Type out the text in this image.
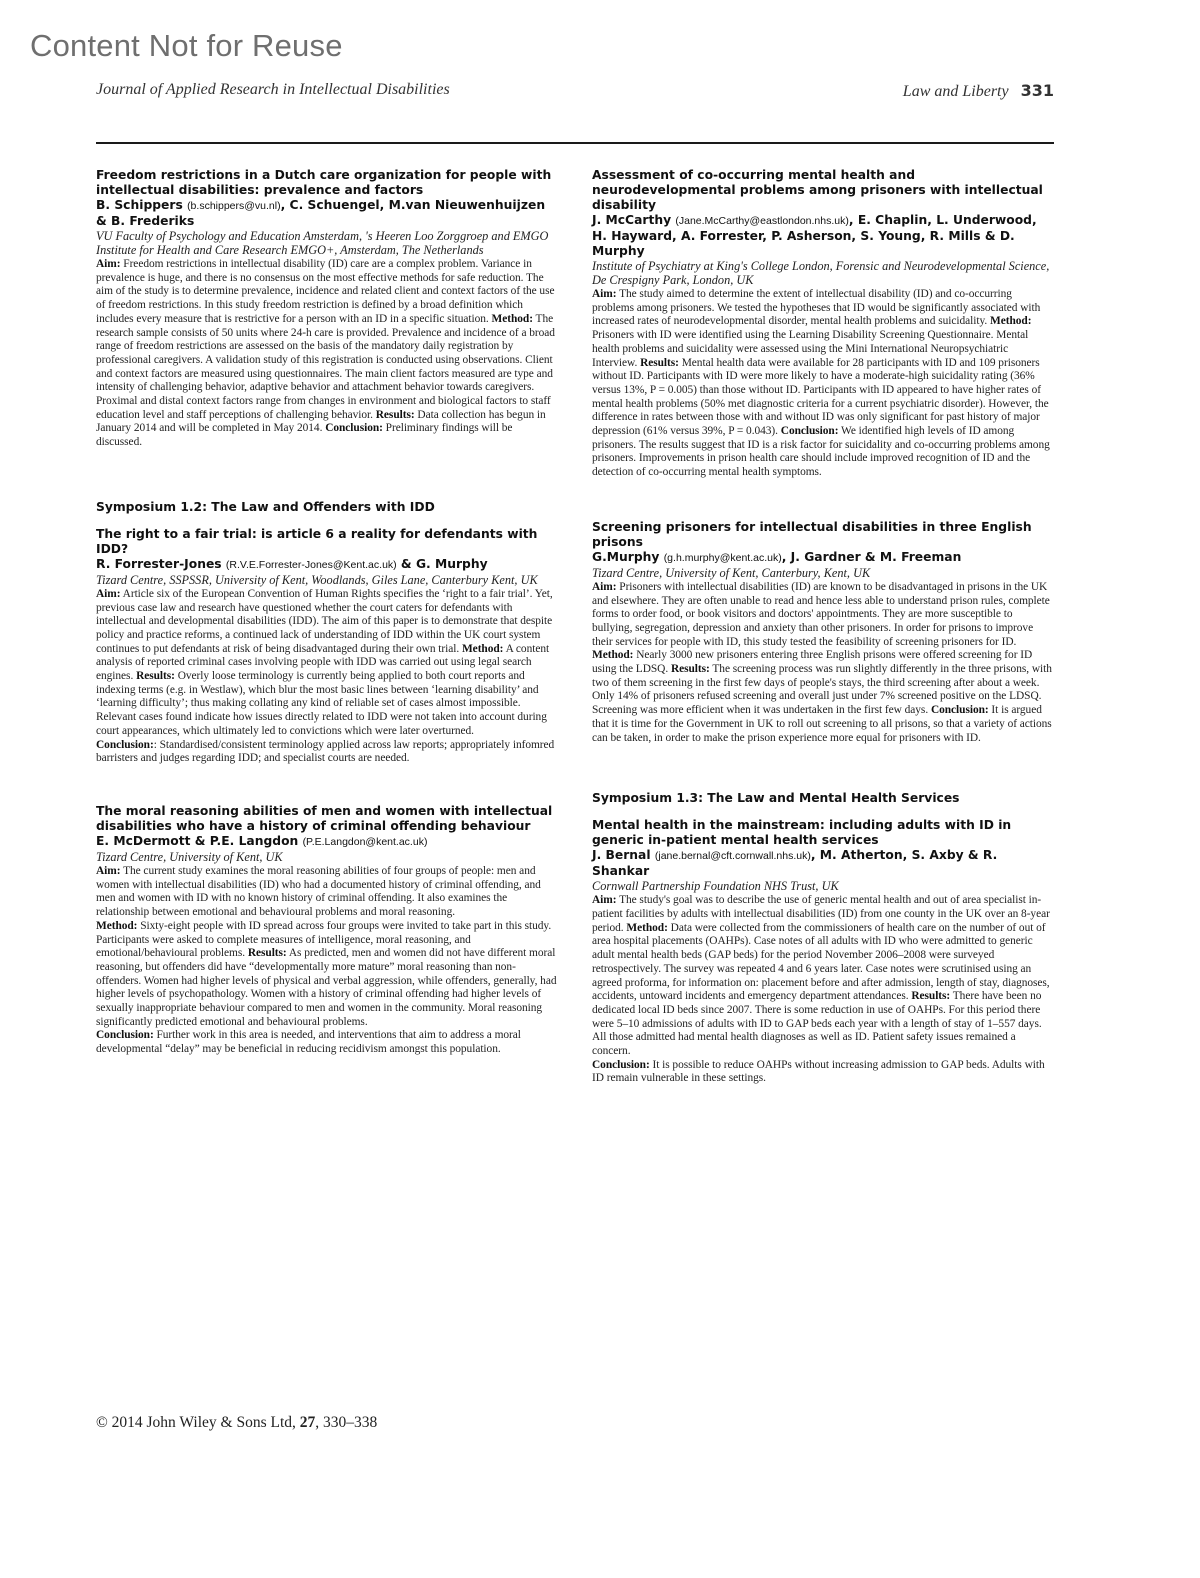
Content Not for Reuse
Journal of Applied Research in Intellectual Disabilities	Law and Liberty 331
Freedom restrictions in a Dutch care organization for people with intellectual disabilities: prevalence and factors
B. Schippers (b.schippers@vu.nl), C. Schuengel, M.van Nieuwenhuijzen & B. Frederiks
VU Faculty of Psychology and Education Amsterdam, 's Heeren Loo Zorggroep and EMGO Institute for Health and Care Research EMGO+, Amsterdam, The Netherlands

Aim: Freedom restrictions in intellectual disability (ID) care are a complex problem. Variance in prevalence is huge, and there is no consensus on the most effective methods for safe reduction. The aim of the study is to determine prevalence, incidence and related client and context factors of the use of freedom restrictions. In this study freedom restriction is defined by a broad definition which includes every measure that is restrictive for a person with an ID in a specific situation. Method: The research sample consists of 50 units where 24-h care is provided. Prevalence and incidence of a broad range of freedom restrictions are assessed on the basis of the mandatory daily registration by professional caregivers. A validation study of this registration is conducted using observations. Client and context factors are measured using questionnaires. The main client factors measured are type and intensity of challenging behavior, adaptive behavior and attachment behavior towards caregivers. Proximal and distal context factors range from changes in environment and biological factors to staff education level and staff perceptions of challenging behavior. Results: Data collection has begun in January 2014 and will be completed in May 2014. Conclusion: Preliminary findings will be discussed.

Symposium 1.2: The Law and Offenders with IDD
The right to a fair trial: is article 6 a reality for defendants with IDD?
R. Forrester-Jones (R.V.E.Forrester-Jones@Kent.ac.uk) & G. Murphy
Tizard Centre, SSPSSR, University of Kent, Woodlands, Giles Lane, Canterbury Kent, UK

Aim: Article six of the European Convention of Human Rights specifies the ‘right to a fair trial’. Yet, previous case law and research have questioned whether the court caters for defendants with intellectual and developmental disabilities (IDD). The aim of this paper is to demonstrate that despite policy and practice reforms, a continued lack of understanding of IDD within the UK court system continues to put defendants at risk of being disadvantaged during their own trial. Method: A content analysis of reported criminal cases involving people with IDD was carried out using legal search engines. Results: Overly loose terminology is currently being applied to both court reports and indexing terms (e.g. in Westlaw), which blur the most basic lines between ‘learning disability’ and ‘learning difficulty’; thus making collating any kind of reliable set of cases almost impossible. Relevant cases found indicate how issues directly related to IDD were not taken into account during court appearances, which ultimately led to convictions which were later overturned.
Conclusion:: Standardised/consistent terminology applied across law reports; appropriately infomred barristers and judges regarding IDD; and specialist courts are needed.

The moral reasoning abilities of men and women with intellectual disabilities who have a history of criminal offending behaviour
E. McDermott & P.E. Langdon (P.E.Langdon@kent.ac.uk)
Tizard Centre, University of Kent, UK

Aim: The current study examines the moral reasoning abilities of four groups of people: men and women with intellectual disabilities (ID) who had a documented history of criminal offending, and men and women with ID with no known history of criminal offending. It also examines the relationship between emotional and behavioural problems and moral reasoning.
Method: Sixty-eight people with ID spread across four groups were invited to take part in this study. Participants were asked to complete measures of intelligence, moral reasoning, and emotional/behavioural problems. Results: As predicted, men and women did not have different moral reasoning, but offenders did have “developmentally more mature” moral reasoning than non-offenders. Women had higher levels of physical and verbal aggression, while offenders, generally, had higher levels of psychopathology. Women with a history of criminal offending had higher levels of sexually inappropriate behaviour compared to men and women in the community. Moral reasoning significantly predicted emotional and behavioural problems.
Conclusion: Further work in this area is needed, and interventions that aim to address a moral developmental “delay” may be beneficial in reducing recidivism amongst this population.

Assessment of co-occurring mental health and neurodevelopmental problems among prisoners with intellectual disability
J. McCarthy (Jane.McCarthy@eastlondon.nhs.uk), E. Chaplin, L. Underwood, H. Hayward, A. Forrester, P. Asherson, S. Young, R. Mills & D. Murphy
Institute of Psychiatry at King's College London, Forensic and Neurodevelopmental Science, De Crespigny Park, London, UK

Aim: The study aimed to determine the extent of intellectual disability (ID) and co-occurring problems among prisoners. We tested the hypotheses that ID would be significantly associated with increased rates of neurodevelopmental disorder, mental health problems and suicidality. Method: Prisoners with ID were identified using the Learning Disability Screening Questionnaire. Mental health problems and suicidality were assessed using the Mini International Neuropsychiatric Interview. Results: Mental health data were available for 28 participants with ID and 109 prisoners without ID. Participants with ID were more likely to have a moderate-high suicidality rating (36% versus 13%, P = 0.005) than those without ID. Participants with ID appeared to have higher rates of mental health problems (50% met diagnostic criteria for a current psychiatric disorder). However, the difference in rates between those with and without ID was only significant for past history of major depression (61% versus 39%, P = 0.043). Conclusion: We identified high levels of ID among prisoners. The results suggest that ID is a risk factor for suicidality and co-occurring problems among prisoners. Improvements in prison health care should include improved recognition of ID and the detection of co-occurring mental health symptoms.

Screening prisoners for intellectual disabilities in three English prisons
G.Murphy (g.h.murphy@kent.ac.uk), J. Gardner & M. Freeman
Tizard Centre, University of Kent, Canterbury, Kent, UK

Aim: Prisoners with intellectual disabilities (ID) are known to be disadvantaged in prisons in the UK and elsewhere. They are often unable to read and hence less able to understand prison rules, complete forms to order food, or book visitors and doctors' appointments. They are more susceptible to bullying, segregation, depression and anxiety than other prisoners. In order for prisons to improve their services for people with ID, this study tested the feasibility of screening prisoners for ID. Method: Nearly 3000 new prisoners entering three English prisons were offered screening for ID using the LDSQ. Results: The screening process was run slightly differently in the three prisons, with two of them screening in the first few days of people's stays, the third screening after about a week. Only 14% of prisoners refused screening and overall just under 7% screened positive on the LDSQ. Screening was more efficient when it was undertaken in the first few days. Conclusion: It is argued that it is time for the Government in UK to roll out screening to all prisons, so that a variety of actions can be taken, in order to make the prison experience more equal for prisoners with ID.

Symposium 1.3: The Law and Mental Health Services
Mental health in the mainstream: including adults with ID in generic in-patient mental health services
J. Bernal (jane.bernal@cft.cornwall.nhs.uk), M. Atherton, S. Axby & R. Shankar
Cornwall Partnership Foundation NHS Trust, UK

Aim: The study's goal was to describe the use of generic mental health and out of area specialist in-patient facilities by adults with intellectual disabilities (ID) from one county in the UK over an 8-year period. Method: Data were collected from the commissioners of health care on the number of out of area hospital placements (OAHPs). Case notes of all adults with ID who were admitted to generic adult mental health beds (GAP beds) for the period November 2006–2008 were surveyed retrospectively. The survey was repeated 4 and 6 years later. Case notes were scrutinised using an agreed proforma, for information on: placement before and after admission, length of stay, diagnoses, accidents, untoward incidents and emergency department attendances. Results: There have been no dedicated local ID beds since 2007. There is some reduction in use of OAHPs. For this period there were 5–10 admissions of adults with ID to GAP beds each year with a length of stay of 1–557 days. All those admitted had mental health diagnoses as well as ID. Patient safety issues remained a concern.
Conclusion: It is possible to reduce OAHPs without increasing admission to GAP beds. Adults with ID remain vulnerable in these settings.

© 2014 John Wiley & Sons Ltd, 27, 330–338
